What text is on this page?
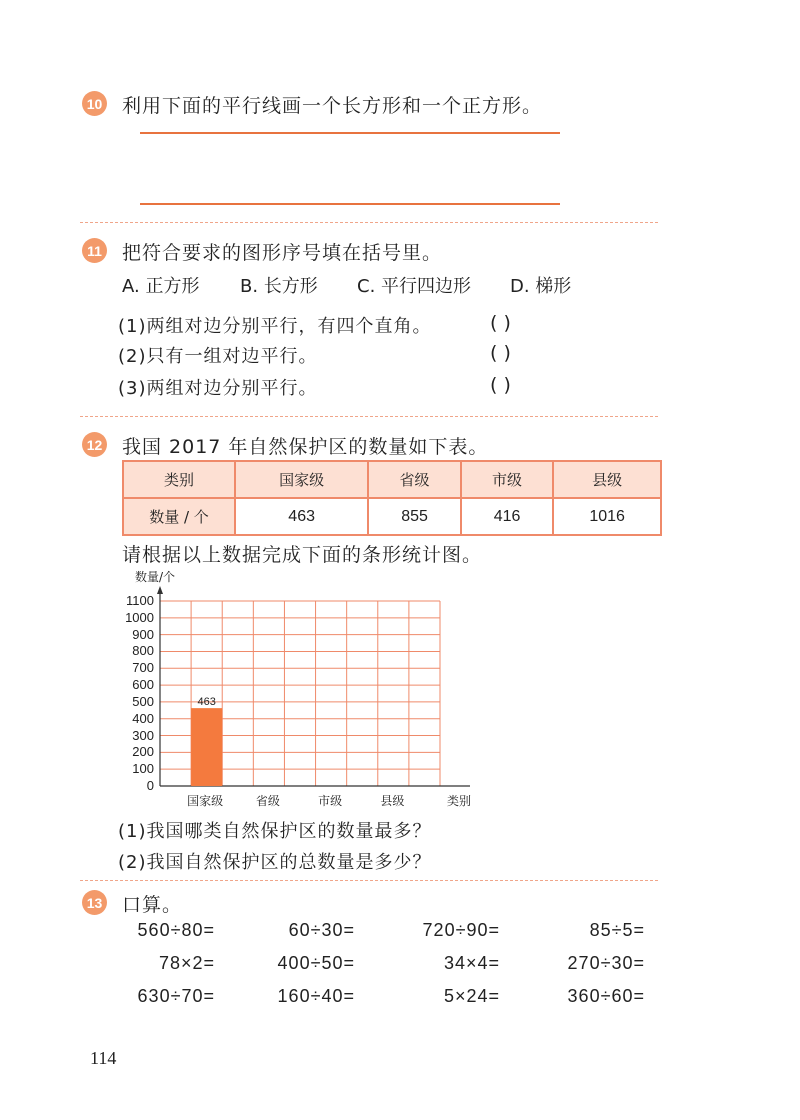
10 利用下面的平行线画一个长方形和一个正方形。
11 把符合要求的图形序号填在括号里。
A. 正方形 B. 长方形 C. 平行四边形 D. 梯形
(1)两组对边分别平行，有四个直角。	( )
(2)只有一组对边平行。	( )
(3)两组对边分别平行。	( )
12 我国 2017 年自然保护区的数量如下表。
类别	国家级	省级	市级	县级
数量 / 个	463	855	416	1016
请根据以上数据完成下面的条形统计图。
数量/个
0
100
200
300
400
500
600
700
800
900
1000
1100
463
国家级	省级	市级	县级	类别
(1)我国哪类自然保护区的数量最多？
(2)我国自然保护区的总数量是多少？
13 口算。
560÷80=	60÷30=	720÷90=	85÷5=
78×2=	400÷50=	34×4=	270÷30=
630÷70=	160÷40=	5×24=	360÷60=
114
